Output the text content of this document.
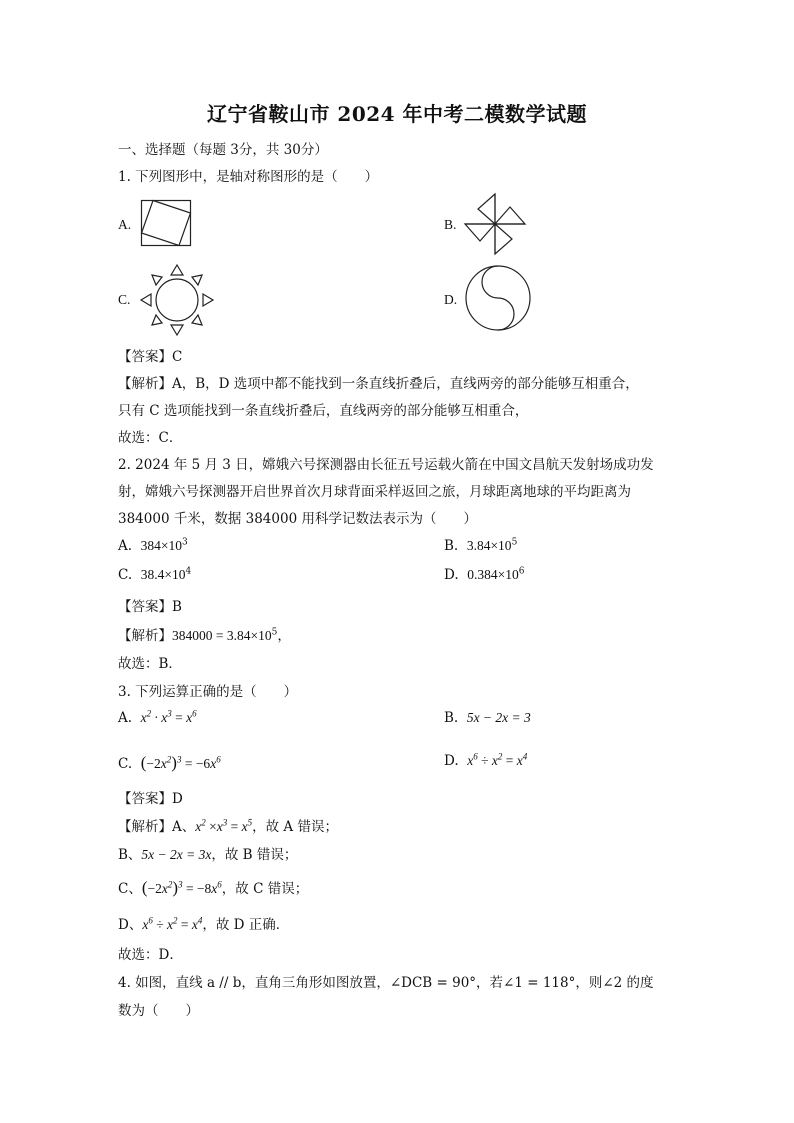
辽宁省鞍山市 2024 年中考二模数学试题
一、选择题（每题 3分，共 30分）
1. 下列图形中，是轴对称图形的是（　　）
A.	B.
C.	D.
【答案】C
【解析】A，B，D 选项中都不能找到一条直线折叠后，直线两旁的部分能够互相重合，
只有 C 选项能找到一条直线折叠后，直线两旁的部分能够互相重合，
故选：C．
2. 2024 年 5 月 3 日，嫦娥六号探测器由长征五号运载火箭在中国文昌航天发射场成功发
射，嫦娥六号探测器开启世界首次月球背面采样返回之旅，月球距离地球的平均距离为
384000 千米，数据 384000 用科学记数法表示为（　　）
A. $384\times 10^3$	B. $3.84\times 10^5$
C. $38.4\times 10^4$	D. $0.384\times 10^6$
【答案】B
【解析】$384000 = 3.84\times 10^5$，
故选：B．
3. 下列运算正确的是（　　）
A. $x^2 \cdot x^3 = x^6$	B. 5x − 2x = 3
C. $(-2x^2)^3 = -6x^6$	D. $x^6 \div x^2 = x^4$
【答案】D
【解析】A、$x^2 \times x^3 = x^5$，故 A 错误；
B、5x − 2x = 3x，故 B 错误；
C、$(-2x^2)^3 = -8x^6$，故 C 错误；
D、$x^6 \div x^2 = x^4$，故 D 正确．
故选：D．
4. 如图，直线 a // b，直角三角形如图放置，∠DCB = 90°，若∠1 = 118°，则∠2 的度
数为（　　）
